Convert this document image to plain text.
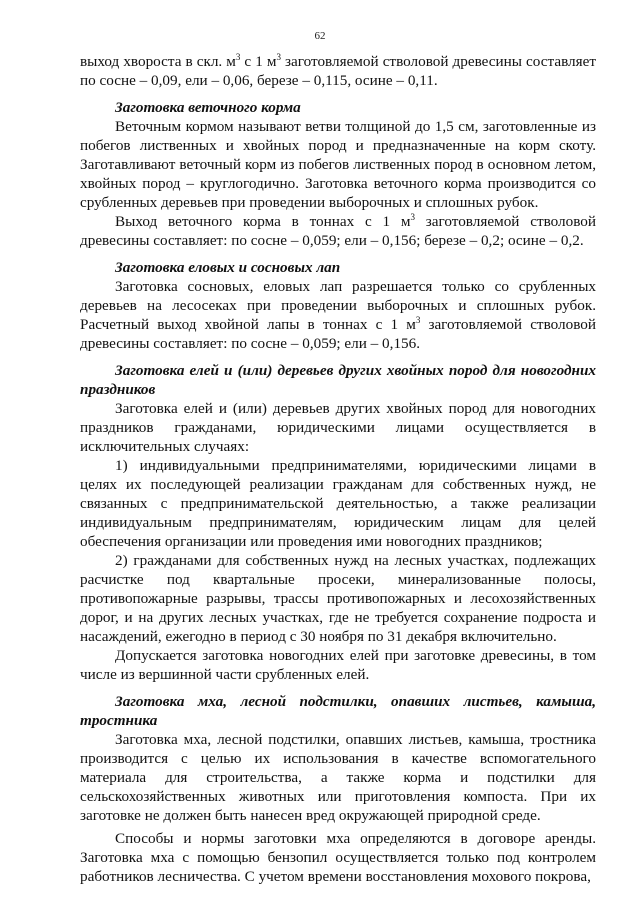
62

выход хвороста в скл. $м^3$ с 1 $м^3$ заготовляемой стволовой древесины составляет по сосне – 0,09, ели – 0,06, березе – 0,115, осине – 0,11.

Заготовка веточного корма

Веточным кормом называют ветви толщиной до 1,5 см, заготовленные из побегов лиственных и хвойных пород и предназначенные на корм скоту. Заготавливают веточный корм из побегов лиственных пород в основном летом, хвойных пород – круглогодично. Заготовка веточного корма производится со срубленных деревьев при проведении выборочных и сплошных рубок.

Выход веточного корма в тоннах с 1 $м^3$ заготовляемой стволовой древесины составляет: по сосне – 0,059; ели – 0,156; березе – 0,2; осине – 0,2.

Заготовка еловых и сосновых лап

Заготовка сосновых, еловых лап разрешается только со срубленных деревьев на лесосеках при проведении выборочных и сплошных рубок. Расчетный выход хвойной лапы в тоннах с 1 $м^3$ заготовляемой стволовой древесины составляет: по сосне – 0,059; ели – 0,156.

Заготовка елей и (или) деревьев других хвойных пород для новогодних праздников

Заготовка елей и (или) деревьев других хвойных пород для новогодних праздников гражданами, юридическими лицами осуществляется в исключительных случаях:

1) индивидуальными предпринимателями, юридическими лицами в целях их последующей реализации гражданам для собственных нужд, не связанных с предпринимательской деятельностью, а также реализации индивидуальным предпринимателям, юридическим лицам для целей обеспечения организации или проведения ими новогодних праздников;

2) гражданами для собственных нужд на лесных участках, подлежащих расчистке под квартальные просеки, минерализованные полосы, противопожарные разрывы, трассы противопожарных и лесохозяйственных дорог, и на других лесных участках, где не требуется сохранение подроста и насаждений, ежегодно в период с 30 ноября по 31 декабря включительно.

Допускается заготовка новогодних елей при заготовке древесины, в том числе из вершинной части срубленных елей.

Заготовка мха, лесной подстилки, опавших листьев, камыша, тростника

Заготовка мха, лесной подстилки, опавших листьев, камыша, тростника производится с целью их использования в качестве вспомогательного материала для строительства, а также корма и подстилки для сельскохозяйственных животных или приготовления компоста. При их заготовке не должен быть нанесен вред окружающей природной среде.

Способы и нормы заготовки мха определяются в договоре аренды. Заготовка мха с помощью бензопил осуществляется только под контролем работников лесничества. С учетом времени восстановления мохового покрова,
